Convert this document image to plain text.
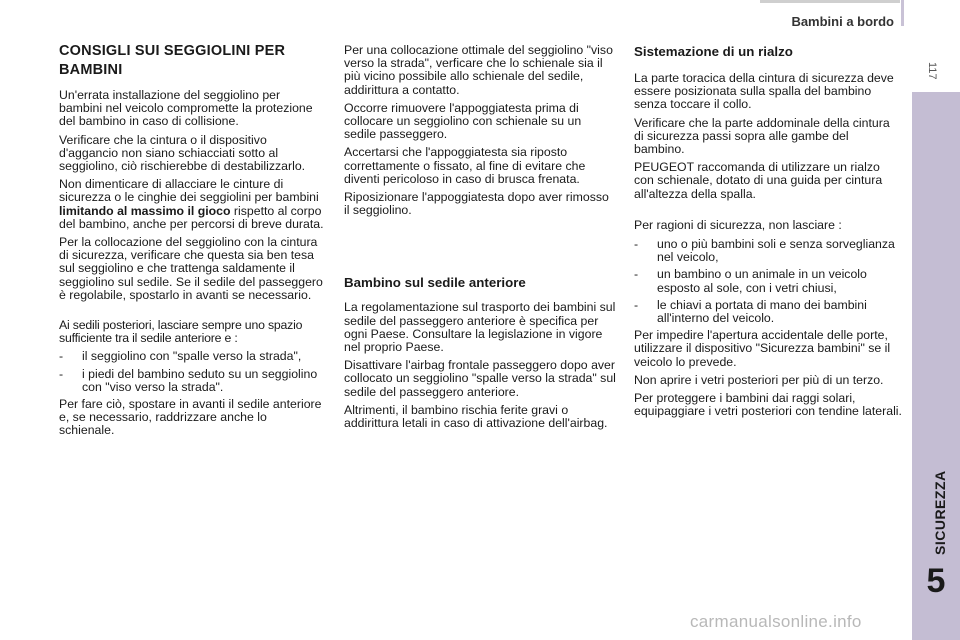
Bambini a bordo
117
SICUREZZA
5
CONSIGLI SUI SEGGIOLINI PER BAMBINI

Un'errata installazione del seggiolino per bambini nel veicolo compromette la protezione del bambino in caso di collisione.

Verificare che la cintura o il dispositivo d'aggancio non siano schiacciati sotto al seggiolino, ciò rischierebbe di destabilizzarlo.

Non dimenticare di allacciare le cinture di sicurezza o le cinghie dei seggiolini per bambini limitando al massimo il gioco rispetto al corpo del bambino, anche per percorsi di breve durata.

Per la collocazione del seggiolino con la cintura di sicurezza, verificare che questa sia ben tesa sul seggiolino e che trattenga saldamente il seggiolino sul sedile. Se il sedile del passeggero è regolabile, spostarlo in avanti se necessario.

Ai sedili posteriori, lasciare sempre uno spazio sufficiente tra il sedile anteriore e :

-	il seggiolino con "spalle verso la strada",
-	i piedi del bambino seduto su un seggiolino con "viso verso la strada".

Per fare ciò, spostare in avanti il sedile anteriore e, se necessario, raddrizzare anche lo schienale.

Per una collocazione ottimale del seggiolino "viso verso la strada", verficare che lo schienale sia il più vicino possibile allo schienale del sedile, addirittura a contatto.

Occorre rimuovere l'appoggiatesta prima di collocare un seggiolino con schienale su un sedile passeggero.

Accertarsi che l'appoggiatesta sia riposto correttamente o fissato, al fine di evitare che diventi pericoloso in caso di brusca frenata.

Riposizionare l'appoggiatesta dopo aver rimosso il seggiolino.

Bambino sul sedile anteriore

La regolamentazione sul trasporto dei bambini sul sedile del passeggero anteriore è specifica per ogni Paese. Consultare la legislazione in vigore nel proprio Paese.

Disattivare l'airbag frontale passeggero dopo aver collocato un seggiolino "spalle verso la strada" sul sedile del passeggero anteriore.

Altrimenti, il bambino rischia ferite gravi o addirittura letali in caso di attivazione dell'airbag.

Sistemazione di un rialzo

La parte toracica della cintura di sicurezza deve essere posizionata sulla spalla del bambino senza toccare il collo.

Verificare che la parte addominale della cintura di sicurezza passi sopra alle gambe del bambino.

PEUGEOT raccomanda di utilizzare un rialzo con schienale, dotato di una guida per cintura all'altezza della spalla.

Per ragioni di sicurezza, non lasciare :

-	uno o più bambini soli e senza sorveglianza nel veicolo,
-	un bambino o un animale in un veicolo esposto al sole, con i vetri chiusi,
-	le chiavi a portata di mano dei bambini all'interno del veicolo.

Per impedire l'apertura accidentale delle porte, utilizzare il dispositivo "Sicurezza bambini" se il veicolo lo prevede.

Non aprire i vetri posteriori per più di un terzo.

Per proteggere i bambini dai raggi solari, equipaggiare i vetri posteriori con tendine laterali.

carmanualsonline.info
